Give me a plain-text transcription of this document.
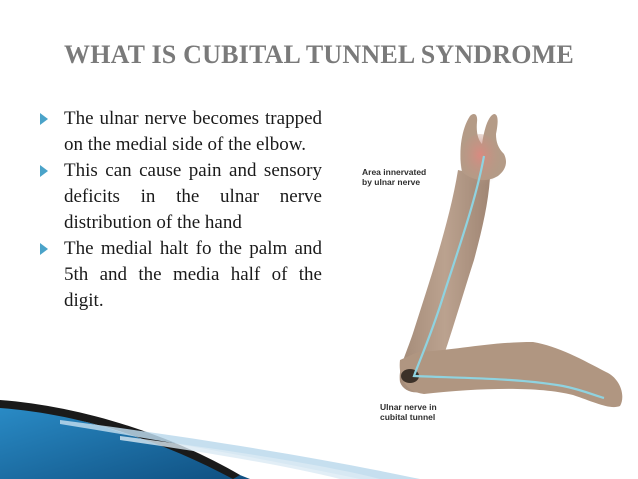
WHAT IS CUBITAL TUNNEL SYNDROME
The ulnar nerve becomes trapped on the medial side of the elbow.
This can cause pain and sensory deficits in the ulnar nerve distribution of the hand
The medial halt fo the palm and 5th and the media half of the digit.
Area innervated
by ulnar nerve
Ulnar nerve in
cubital tunnel
